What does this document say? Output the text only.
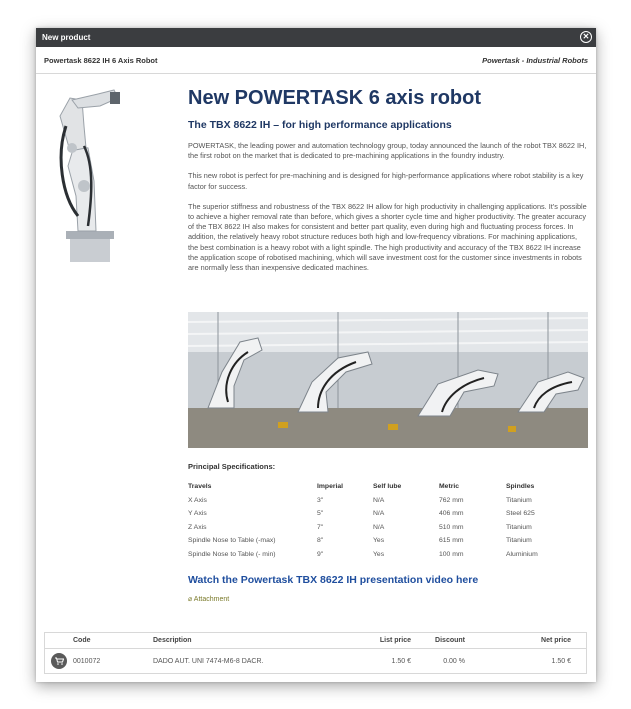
New product	✕
Powertask 8622 IH 6 Axis Robot	Powertask - Industrial Robots
New POWERTASK 6 axis robot
The TBX 8622 IH – for high performance applications

POWERTASK, the leading power and automation technology group, today announced the launch of the robot TBX 8622 IH, the first robot on the market that is dedicated to pre-machining applications in the foundry industry.

This new robot is perfect for pre-machining and is designed for high-performance applications where robot stability is a key factor for success.

The superior stiffness and robustness of the TBX 8622 IH allow for high productivity in challenging applications. It’s possible to achieve a higher removal rate than before, which gives a shorter cycle time and higher productivity. The greater accuracy of the TBX 8622 IH also makes for consistent and better part quality, even during high and fluctuating process forces. In addition, the relatively heavy robot structure reduces both high and low-frequency vibrations. For machining applications, the best combination is a heavy robot with a light spindle. The high productivity and accuracy of the TBX 8622 IH increase the application scope of robotised machining, which will save investment cost for the customer since investments in robots are normally less than inexpensive dedicated machines.

Principal Specifications:
Travels	Imperial	Self lube	Metric	Spindles
X Axis	3"	N/A	762 mm	Titanium
Y Axis	5"	N/A	406 mm	Steel 625
Z Axis	7"	N/A	510 mm	Titanium
Spindle Nose to Table (-max)	8"	Yes	615 mm	Titanium
Spindle Nose to Table (- min)	9"	Yes	100 mm	Aluminium
Watch the Powertask TBX 8622 IH presentation video here
⌀ Attachment
Code	Description	List price	Discount	Net price
0010072	DADO AUT. UNI 7474-M6-8 DACR.	1.50 €	0.00 %	1.50 €
